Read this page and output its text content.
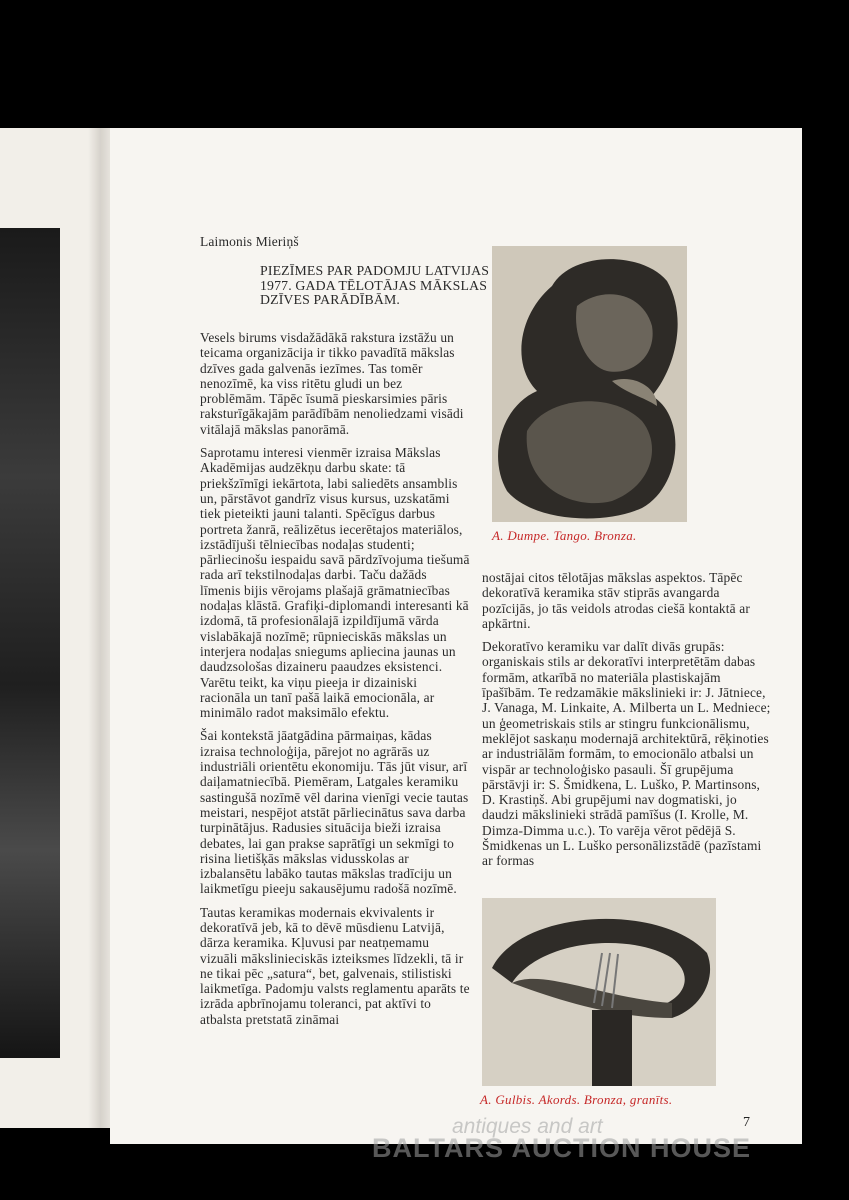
Laimonis Mieriņš
PIEZĪMES PAR PADOMJU LATVIJAS
1977. GADA TĒLOTĀJAS MĀKSLAS
DZĪVES PARĀDĪBĀM.

Vesels birums visdažādākā rakstura izstāžu un teicama organizācija ir tikko pavadītā mākslas dzīves gada galvenās iezīmes. Tas tomēr nenozīmē, ka viss ritētu gludi un bez problēmām. Tāpēc īsumā pieskarsimies pāris raksturīgākajām parādībām nenoliedzami visādi vitālajā mākslas panorāmā.

Saprotamu interesi vienmēr izraisa Mākslas Akadēmijas audzēkņu darbu skate: tā priekšzīmīgi iekārtota, labi saliedēts ansamblis un, pārstāvot gandrīz visus kursus, uzskatāmi tiek pieteikti jauni talanti. Spēcīgus darbus portreta žanrā, reālizētus iecerētajos materiālos, izstādījuši tēlniecības nodaļas studenti; pārliecinošu iespaidu savā pārdzīvojuma tiešumā rada arī tekstilnodaļas darbi. Taču dažāds līmenis bijis vērojams plašajā grāmatniecības nodaļas klāstā. Grafiķi-diplomandi interesanti kā izdomā, tā profesionālajā izpildījumā vārda vislabākajā nozīmē; rūpnieciskās mākslas un interjera nodaļas sniegums apliecina jaunas un daudzsološas dizaineru paaudzes eksistenci. Varētu teikt, ka viņu pieeja ir dizainiski racionāla un tanī pašā laikā emocionāla, ar minimālo radot maksimālo efektu.

Šai kontekstā jāatgādina pārmaiņas, kādas izraisa technoloģija, pārejot no agrārās uz industriāli orientētu ekonomiju. Tās jūt visur, arī daiļamatniecībā. Piemēram, Latgales keramiku sastingušā nozīmē vēl darina vienīgi vecie tautas meistari, nespējot atstāt pārliecinātus sava darba turpinātājus. Radusies situācija bieži izraisa debates, lai gan prakse saprātīgi un sekmīgi to risina lietišķās mākslas vidusskolas ar izbalansētu labāko tautas mākslas tradīciju un laikmetīgu pieeju sakausējumu radošā nozīmē.

Tautas keramikas modernais ekvivalents ir dekoratīvā jeb, kā to dēvē mūsdienu Latvijā, dārza keramika. Kļuvusi par neatņemamu vizuāli mākslinieciskās izteiksmes līdzekli, tā ir ne tikai pēc „satura“, bet, galvenais, stilistiski laikmetīga. Padomju valsts reglamentu aparāts te izrāda apbrīnojamu toleranci, pat aktīvi to atbalsta pretstatā zināmai

A. Dumpe. Tango. Bronza.

nostājai citos tēlotājas mākslas aspektos. Tāpēc dekoratīvā keramika stāv stiprās avangarda pozīcijās, jo tās veidols atrodas ciešā kontaktā ar apkārtni.

Dekoratīvo keramiku var dalīt divās grupās: organiskais stils ar dekoratīvi interpretētām dabas formām, atkarībā no materiāla plastiskajām īpašībām. Te redzamākie mākslinieki ir: J. Jātniece, J. Vanaga, M. Linkaite, A. Milberta un L. Medniece; un ģeometriskais stils ar stingru funkcionālismu, meklējot saskaņu modernajā architektūrā, rēķinoties ar industriālām formām, to emocionālo atbalsi un vispār ar technoloģisko pasauli. Šī grupējuma pārstāvji ir: S. Šmidkena, L. Luško, P. Martinsons, D. Krastiņš. Abi grupējumi nav dogmatiski, jo daudzi mākslinieki strādā pamīšus (I. Krolle, M. Dimza-Dimma u.c.). To varēja vērot pēdējā S. Šmidkenas un L. Luško personālizstādē (pazīstami ar formas

A. Gulbis. Akords. Bronza, granīts.
7
antiques and art
BALTARS AUCTION HOUSE
